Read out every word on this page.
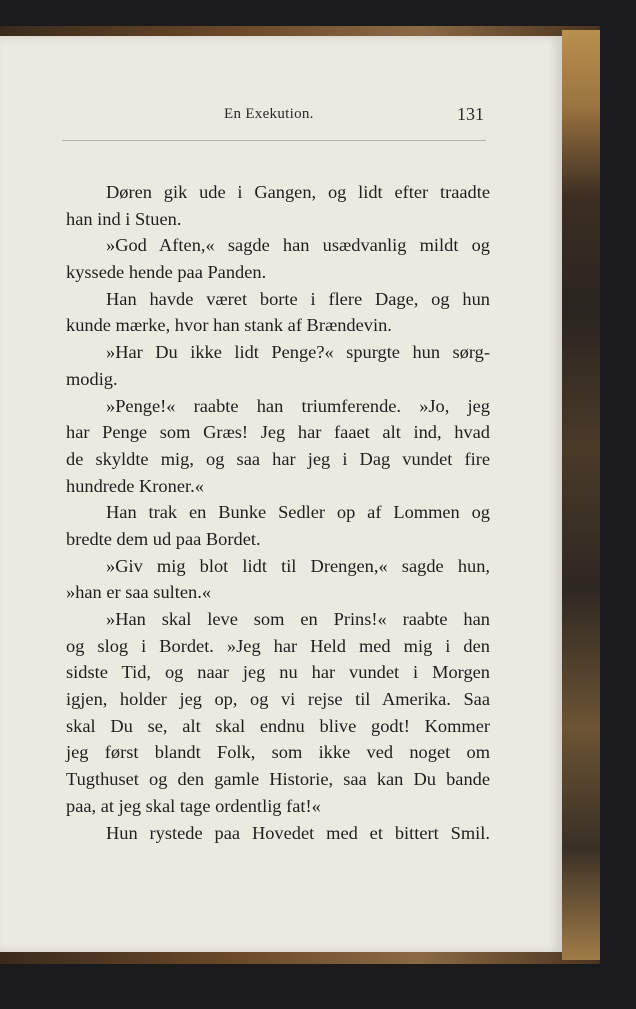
En Exekution.	131
Døren gik ude i Gangen, og lidt efter traadte
han ind i Stuen.
»God Aften,« sagde han usædvanlig mildt og
kyssede hende paa Panden.
Han havde været borte i flere Dage, og hun
kunde mærke, hvor han stank af Brændevin.
»Har Du ikke lidt Penge?« spurgte hun sørg-
modig.
»Penge!« raabte han triumferende. »Jo, jeg
har Penge som Græs! Jeg har faaet alt ind, hvad
de skyldte mig, og saa har jeg i Dag vundet fire
hundrede Kroner.«
Han trak en Bunke Sedler op af Lommen og
bredte dem ud paa Bordet.
»Giv mig blot lidt til Drengen,« sagde hun,
»han er saa sulten.«
»Han skal leve som en Prins!« raabte han
og slog i Bordet. »Jeg har Held med mig i den
sidste Tid, og naar jeg nu har vundet i Morgen
igjen, holder jeg op, og vi rejse til Amerika. Saa
skal Du se, alt skal endnu blive godt! Kommer
jeg først blandt Folk, som ikke ved noget om
Tugthuset og den gamle Historie, saa kan Du bande
paa, at jeg skal tage ordentlig fat!«
Hun rystede paa Hovedet med et bittert Smil.
